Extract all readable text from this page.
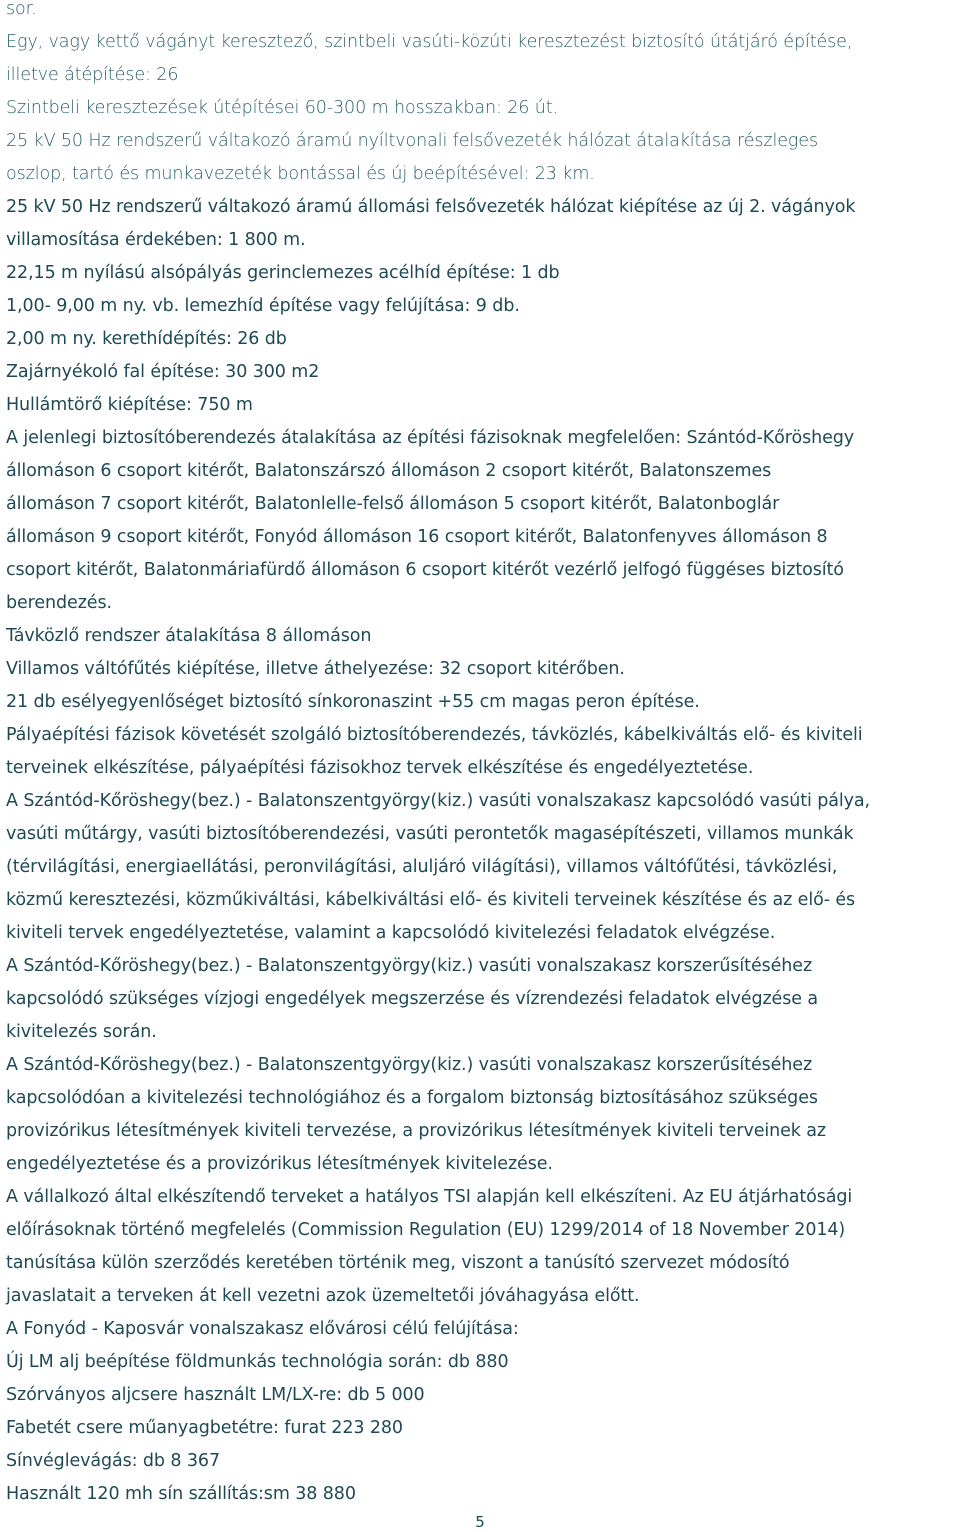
sor.
Egy, vagy kettő vágányt keresztező, szintbeli vasúti-közúti keresztezést biztosító útátjáró építése,
illetve átépítése: 26
Szintbeli keresztezések útépítései 60-300 m hosszakban: 26 út.
25 kV 50 Hz rendszerű váltakozó áramú nyíltvonali felsővezeték hálózat átalakítása részleges
oszlop, tartó és munkavezeték bontással és új beépítésével: 23 km.
25 kV 50 Hz rendszerű váltakozó áramú állomási felsővezeték hálózat kiépítése az új 2. vágányok
villamosítása érdekében: 1 800 m.
22,15 m nyílású alsópályás gerinclemezes acélhíd építése: 1 db
1,00- 9,00 m ny. vb. lemezhíd építése vagy felújítása: 9 db.
2,00 m ny. kerethídépítés: 26 db
Zajárnyékoló fal építése: 30 300 m2
Hullámtörő kiépítése: 750 m
A jelenlegi biztosítóberendezés átalakítása az építési fázisoknak megfelelően: Szántód-Kőröshegy
állomáson 6 csoport kitérőt, Balatonszárszó állomáson 2 csoport kitérőt, Balatonszemes
állomáson 7 csoport kitérőt, Balatonlelle-felső állomáson 5 csoport kitérőt, Balatonboglár
állomáson 9 csoport kitérőt, Fonyód állomáson 16 csoport kitérőt, Balatonfenyves állomáson 8
csoport kitérőt, Balatonmáriafürdő állomáson 6 csoport kitérőt vezérlő jelfogó függéses biztosító
berendezés.
Távközlő rendszer átalakítása 8 állomáson
Villamos váltófűtés kiépítése, illetve áthelyezése: 32 csoport kitérőben.
21 db esélyegyenlőséget biztosító sínkoronaszint +55 cm magas peron építése.
Pályaépítési fázisok követését szolgáló biztosítóberendezés, távközlés, kábelkiváltás elő- és kiviteli
terveinek elkészítése, pályaépítési fázisokhoz tervek elkészítése és engedélyeztetése.
A Szántód-Kőröshegy(bez.) - Balatonszentgyörgy(kiz.) vasúti vonalszakasz kapcsolódó vasúti pálya,
vasúti műtárgy, vasúti biztosítóberendezési, vasúti perontetők magasépítészeti, villamos munkák
(térvilágítási, energiaellátási, peronvilágítási, aluljáró világítási), villamos váltófűtési, távközlési,
közmű keresztezési, közműkiváltási, kábelkiváltási elő- és kiviteli terveinek készítése és az elő- és
kiviteli tervek engedélyeztetése, valamint a kapcsolódó kivitelezési feladatok elvégzése.
A Szántód-Kőröshegy(bez.) - Balatonszentgyörgy(kiz.) vasúti vonalszakasz korszerűsítéséhez
kapcsolódó szükséges vízjogi engedélyek megszerzése és vízrendezési feladatok elvégzése a
kivitelezés során.
A Szántód-Kőröshegy(bez.) - Balatonszentgyörgy(kiz.) vasúti vonalszakasz korszerűsítéséhez
kapcsolódóan a kivitelezési technológiához és a forgalom biztonság biztosításához szükséges
provizórikus létesítmények kiviteli tervezése, a provizórikus létesítmények kiviteli terveinek az
engedélyeztetése és a provizórikus létesítmények kivitelezése.
A vállalkozó által elkészítendő terveket a hatályos TSI alapján kell elkészíteni. Az EU átjárhatósági
előírásoknak történő megfelelés (Commission Regulation (EU) 1299/2014 of 18 November 2014)
tanúsítása külön szerződés keretében történik meg, viszont a tanúsító szervezet módosító
javaslatait a terveken át kell vezetni azok üzemeltetői jóváhagyása előtt.
A Fonyód - Kaposvár vonalszakasz elővárosi célú felújítása:
Új LM alj beépítése földmunkás technológia során: db 880
Szórványos aljcsere használt LM/LX-re: db 5 000
Fabetét csere műanyagbetétre: furat 223 280
Sínvéglevágás: db 8 367
Használt 120 mh sín szállítás:sm 38 880
5
